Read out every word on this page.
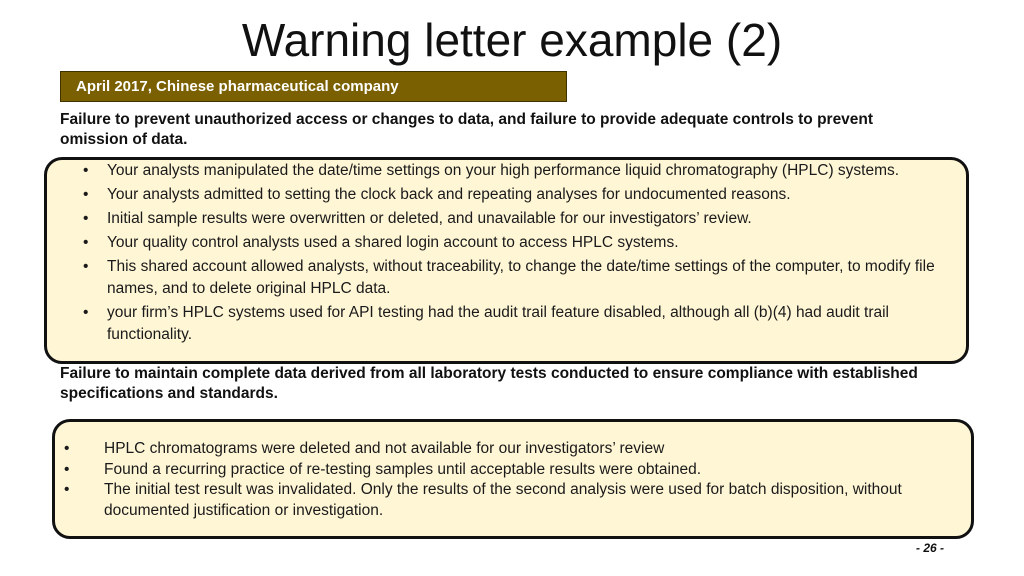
Warning letter example (2)
April 2017, Chinese pharmaceutical company
Failure to prevent unauthorized access or changes to data, and failure to provide adequate controls to prevent omission of data.
• Your analysts manipulated the date/time settings on your high performance liquid chromatography (HPLC) systems.
• Your analysts admitted to setting the clock back and repeating analyses for undocumented reasons.
• Initial sample results were overwritten or deleted, and unavailable for our investigators’ review.
• Your quality control analysts used a shared login account to access HPLC systems.
• This shared account allowed analysts, without traceability, to change the date/time settings of the computer, to modify file names, and to delete original HPLC data.
• your firm’s HPLC systems used for API testing had the audit trail feature disabled, although all (b)(4) had audit trail functionality.
Failure to maintain complete data derived from all laboratory tests conducted to ensure compliance with established specifications and standards.
• HPLC chromatograms were deleted and not available for our investigators’ review
• Found a recurring practice of re-testing samples until acceptable results were obtained.
• The initial test result was invalidated. Only the results of the second analysis were used for batch disposition, without documented justification or investigation.
- 26 -
